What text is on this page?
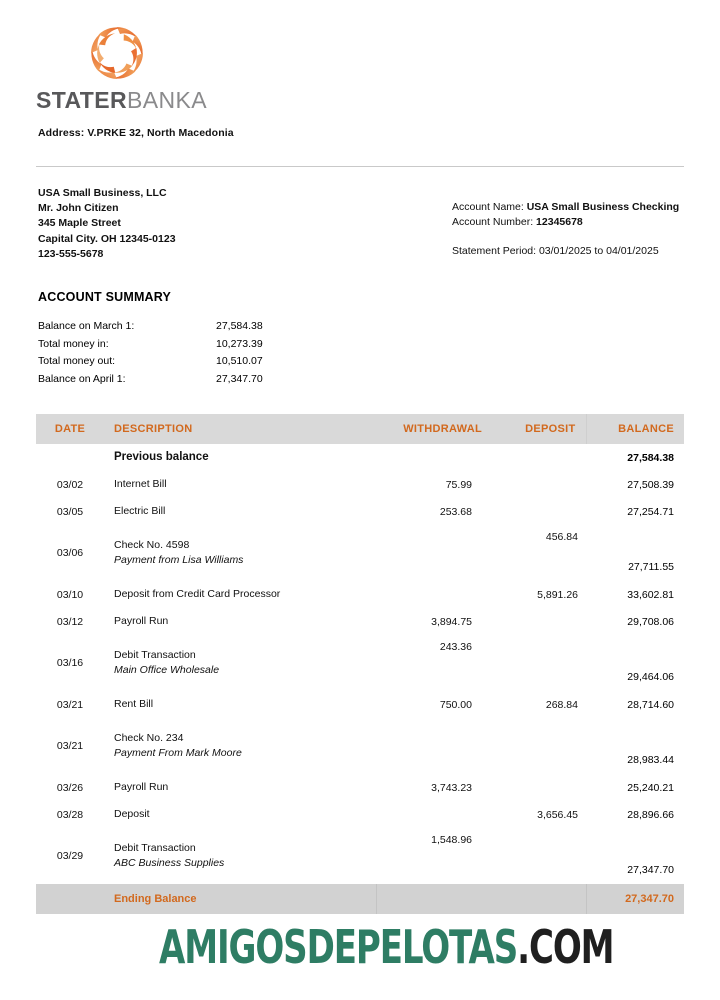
STATERBANKA
Address: V.PRKE 32, North Macedonia
USA Small Business, LLC
Mr. John Citizen
345 Maple Street
Capital City. OH 12345-0123
123-555-5678
Account Name: USA Small Business Checking
Account Number: 12345678
Statement Period: 03/01/2025 to 04/01/2025
ACCOUNT SUMMARY
Balance on March 1:	27,584.38
Total money in:	10,273.39
Total money out:	10,510.07
Balance on April 1:	27,347.70
DATE	DESCRIPTION	WITHDRAWAL	DEPOSIT	BALANCE

	Previous balance			27,584.38
03/02	Internet Bill	75.99		27,508.39
03/05	Electric Bill	253.68		27,254.71
03/06	Check No. 4598
Payment from Lisa Williams		456.84	27,711.55
03/10	Deposit from Credit Card Processor		5,891.26	33,602.81
03/12	Payroll Run	3,894.75		29,708.06
03/16	Debit Transaction
Main Office Wholesale	243.36		29,464.06
03/21	Rent Bill	750.00	268.84	28,714.60
03/21	Check No. 234
Payment From Mark Moore			28,983.44
03/26	Payroll Run	3,743.23		25,240.21
03/28	Deposit		3,656.45	28,896.66
03/29	Debit Transaction
ABC Business Supplies	1,548.96		27,347.70
	Ending Balance			27,347.70
AMIGOSDEPELOTAS.COM
